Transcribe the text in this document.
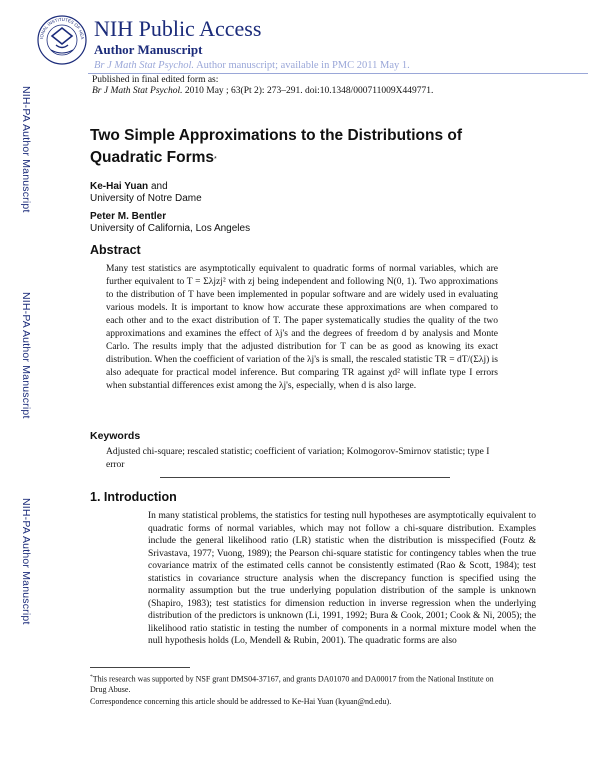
IONAL INSTITUTES OF HEA NIH Public Access
Author Manuscript
Br J Math Stat Psychol. Author manuscript; available in PMC 2011 May 1.
Published in final edited form as:
Br J Math Stat Psychol. 2010 May ; 63(Pt 2): 273–291. doi:10.1348/000711009X449771.
NIH-PA Author Manuscript
NIH-PA Author Manuscript
NIH-PA Author Manuscript
Two Simple Approximations to the Distributions of Quadratic Forms*
Ke-Hai Yuan and
University of Notre Dame
Peter M. Bentler
University of California, Los Angeles
Abstract

Many test statistics are asymptotically equivalent to quadratic forms of normal variables, which are further equivalent to T = Σλjzj² with zj being independent and following N(0, 1). Two approximations to the distribution of T have been implemented in popular software and are widely used in evaluating various models. It is important to know how accurate these approximations are when compared to each other and to the exact distribution of T. The paper systematically studies the quality of the two approximations and examines the effect of λj's and the degrees of freedom d by analysis and Monte Carlo. The results imply that the adjusted distribution for T can be as good as knowing its exact distribution. When the coefficient of variation of the λj's is small, the rescaled statistic TR = dT/(Σλj) is also adequate for practical model inference. But comparing TR against χd² will inflate type I errors when substantial differences exist among the λj's, especially, when d is also large.

Keywords
Adjusted chi-square; rescaled statistic; coefficient of variation; Kolmogorov-Smirnov statistic; type I error
1. Introduction

In many statistical problems, the statistics for testing null hypotheses are asymptotically equivalent to quadratic forms of normal variables, which may not follow a chi-square distribution. Examples include the general likelihood ratio (LR) statistic when the distribution is misspecified (Foutz & Srivastava, 1977; Vuong, 1989); the Pearson chi-square statistic for contingency tables when the true covariance matrix of the estimated cells cannot be consistently estimated (Rao & Scott, 1984); test statistics in covariance structure analysis when the discrepancy function is specified using the normality assumption but the true underlying population distribution of the sample is unknown (Shapiro, 1983); test statistics for dimension reduction in inverse regression when the underlying distribution of the predictors is unknown (Li, 1991, 1992; Bura & Cook, 2001; Cook & Ni, 2005); the likelihood ratio statistic in testing the number of components in a normal mixture model when the null hypothesis holds (Lo, Mendell & Rubin, 2001). The quadratic forms are also

*This research was supported by NSF grant DMS04-37167, and grants DA01070 and DA00017 from the National Institute on Drug Abuse.
Correspondence concerning this article should be addressed to Ke-Hai Yuan (kyuan@nd.edu).
